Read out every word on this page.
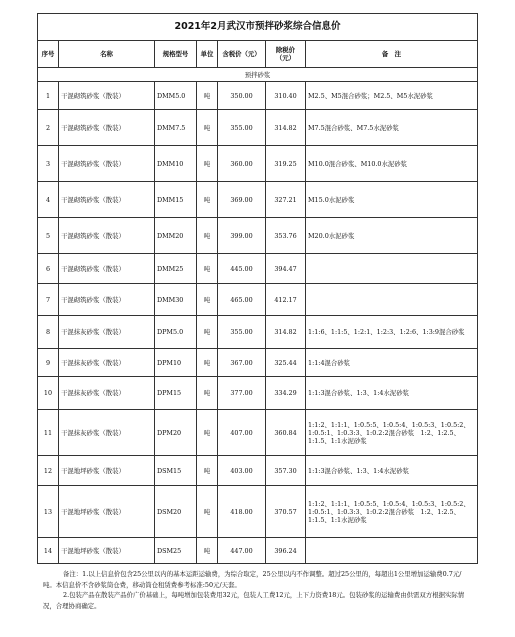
2021年2月武汉市预拌砂浆综合信息价						
序号	名称	规格型号	单位	含税价（元）	除税价（元）	备　注
预拌砂浆						
1	干混砌筑砂浆（散装）	DMM5.0	吨	350.00	310.40	M2.5、M5混合砂浆；M2.5、M5水泥砂浆
2	干混砌筑砂浆（散装）	DMM7.5	吨	355.00	314.82	M7.5混合砂浆、M7.5水泥砂浆
3	干混砌筑砂浆（散装）	DMM10	吨	360.00	319.25	M10.0混合砂浆、M10.0水泥砂浆
4	干混砌筑砂浆（散装）	DMM15	吨	369.00	327.21	M15.0水泥砂浆
5	干混砌筑砂浆（散装）	DMM20	吨	399.00	353.76	M20.0水泥砂浆
6	干混砌筑砂浆（散装）	DMM25	吨	445.00	394.47	
7	干混砌筑砂浆（散装）	DMM30	吨	465.00	412.17	
8	干混抹灰砂浆（散装）	DPM5.0	吨	355.00	314.82	1:1:6、1:1:5、1:2:1、1:2:3、1:2:6、1:3:9混合砂浆
9	干混抹灰砂浆（散装）	DPM10	吨	367.00	325.44	1:1:4混合砂浆
10	干混抹灰砂浆（散装）	DPM15	吨	377.00	334.29	1:1:3混合砂浆、1:3、1:4水泥砂浆
11	干混抹灰砂浆（散装）	DPM20	吨	407.00	360.84	1:1:2、1:1:1、1:0.5:5、1:0.5:4、1:0.5:3、1:0.5:2、1:0.5:1、1:0.3:3、1:0.2:2混合砂浆　1:2、1:2.5、1:1.5、1:1水泥砂浆
12	干混地坪砂浆（散装）	DSM15	吨	403.00	357.30	1:1:3混合砂浆、1:3、1:4水泥砂浆
13	干混地坪砂浆（散装）	DSM20	吨	418.00	370.57	1:1:2、1:1:1、1:0.5:5、1:0.5:4、1:0.5:3、1:0.5:2、1:0.5:1、1:0.3:3、1:0.2:2混合砂浆　1:2、1:2.5、1:1.5、1:1水泥砂浆
14	干混地坪砂浆（散装）	DSM25	吨	447.00	396.24	

备注：1.以上信息价包含25公里以内的基本运距运输费，为综合取定，25公里以内不作调整。超过25公里的，每超出1公里增加运输费0.7元/吨。本信息价不含砂浆筒仓费，移动筒仓租赁费参考标准:50元/天套。

2.包装产品在散装产品价广价基础上，每吨增加包装费用32元，包装人工费12元，上下力资费18元。包装砂浆的运输费由供需双方根据实际情况，合理协商确定。
